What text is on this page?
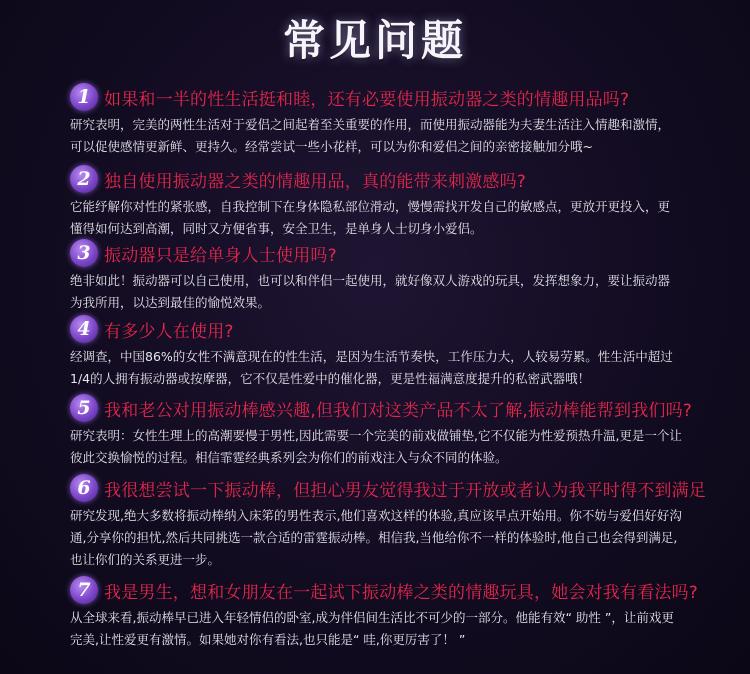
常见问题
1 如果和一半的性生活挺和睦，还有必要使用振动器之类的情趣用品吗?

研究表明，完美的两性生活对于爱侣之间起着至关重要的作用，而使用振动器能为夫妻生活注入情趣和激情，可以促使感情更新鲜、更持久。经常尝试一些小花样，可以为你和爱侣之间的亲密接触加分哦~

2 独自使用振动器之类的情趣用品，真的能带来刺激感吗?

它能纾解你对性的紧张感，自我控制下在身体隐私部位滑动，慢慢需找开发自己的敏感点，更放开更投入，更懂得如何达到高潮，同时又方便省事，安全卫生，是单身人士切身小爱侣。

3 振动器只是给单身人士使用吗?

绝非如此！振动器可以自己使用，也可以和伴侣一起使用，就好像双人游戏的玩具，发挥想象力，要让振动器为我所用，以达到最佳的愉悦效果。

4 有多少人在使用?

经调查，中国86%的女性不满意现在的性生活，是因为生活节奏快，工作压力大，人较易劳累。性生活中超过1/4的人拥有振动器或按摩器，它不仅是性爱中的催化器，更是性福满意度提升的私密武器哦！

5 我和老公对用振动棒感兴趣,但我们对这类产品不太了解,振动棒能帮到我们吗?

研究表明：女性生理上的高潮要慢于男性,因此需要一个完美的前戏做铺垫,它不仅能为性爱预热升温,更是一个让彼此交换愉悦的过程。相信霏霆经典系列会为你们的前戏注入与众不同的体验。

6 我很想尝试一下振动棒，但担心男友觉得我过于开放或者认为我平时得不到满足

研究发现,绝大多数将振动棒纳入床笫的男性表示,他们喜欢这样的体验,真应该早点开始用。你不妨与爱侣好好沟通,分享你的担忧,然后共同挑选一款合适的雷霆振动棒。相信我,当他给你不一样的体验时,他自己也会得到满足,也让你们的关系更进一步。

7 我是男生，想和女朋友在一起试下振动棒之类的情趣玩具，她会对我有看法吗?

从全球来看,振动棒早已进入年轻情侣的卧室,成为伴侣间生活比不可少的一部分。他能有效“ 助性 ”，让前戏更完美,让性爱更有激情。如果她对你有看法,也只能是“ 哇,你更厉害了！ ”
